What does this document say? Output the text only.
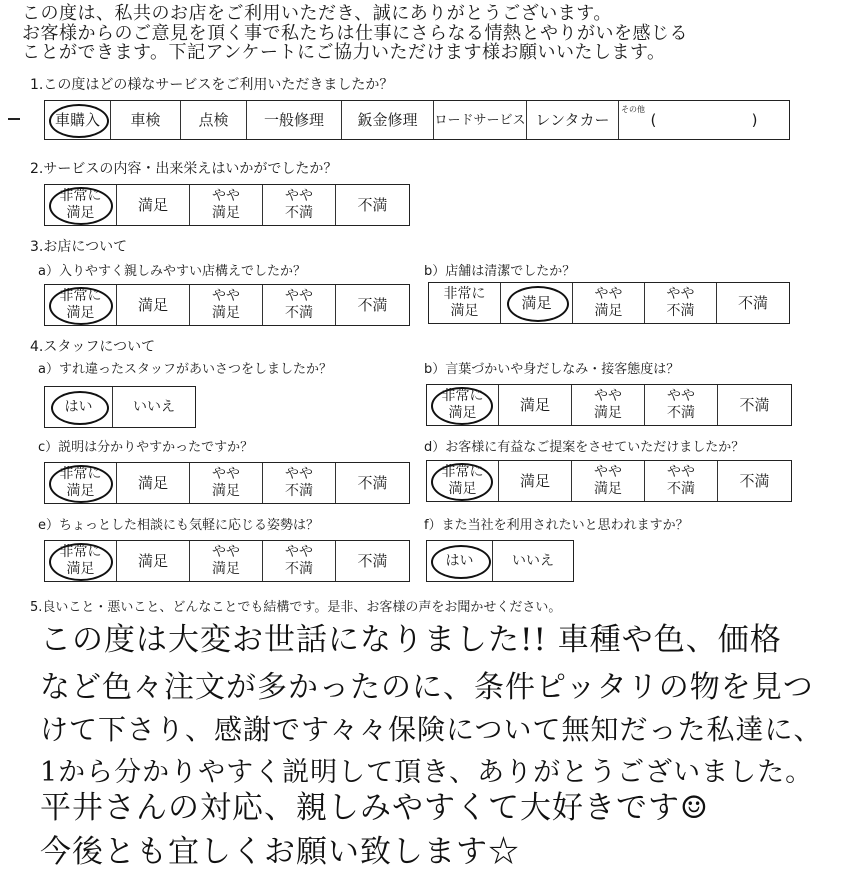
この度は、私共のお店をご利用いただき、誠にありがとうございます。
お客様からのご意見を頂く事で私たちは仕事にさらなる情熱とやりがいを感じる
ことができます。下記アンケートにご協力いただけます様お願いいたします。
1.この度はどの様なサービスをご利用いただきましたか？
車購入 車検	点検 一般修理 鈑金修理 ロードサービス レンタカー
その他
(                    )
2.サービスの内容・出来栄えはいかがでしたか？
非常に
満足	満足	やや
満足
やや
不満	不満
3.お店について
a）入りやすく親しみやすい店構えでしたか？
非常に
満足	満足	やや
満足
やや
不満	不満
b）店舗は清潔でしたか？
非常に
満足	満足	やや
満足
やや
不満	不満
4.スタッフについて
a）すれ違ったスタッフがあいさつをしましたか？
はい	いいえ
b）言葉づかいや身だしなみ・接客態度は？
非常に
満足	満足	やや
満足
やや
不満	不満
c）説明は分かりやすかったですか？
非常に
満足	満足	やや
満足
やや
不満	不満
d）お客様に有益なご提案をさせていただけましたか？
非常に
満足	満足	やや
満足
やや
不満	不満
e）ちょっとした相談にも気軽に応じる姿勢は？
非常に
満足	満足	やや
満足
やや
不満	不満
f）また当社を利用されたいと思われますか？
はい	いいえ
5.良いこと・悪いこと、どんなことでも結構です。是非、お客様の声をお聞かせください。
この度は大変お世話になりました!! 車種や色、価格
など色々注文が多かったのに、条件ピッタリの物を見つ
けて下さり、感謝です々々保険について無知だった私達に、
1から分かりやすく説明して頂き、ありがとうございました。
平井さんの対応、親しみやすくて大好きです☺
今後とも宜しくお願い致します☆
